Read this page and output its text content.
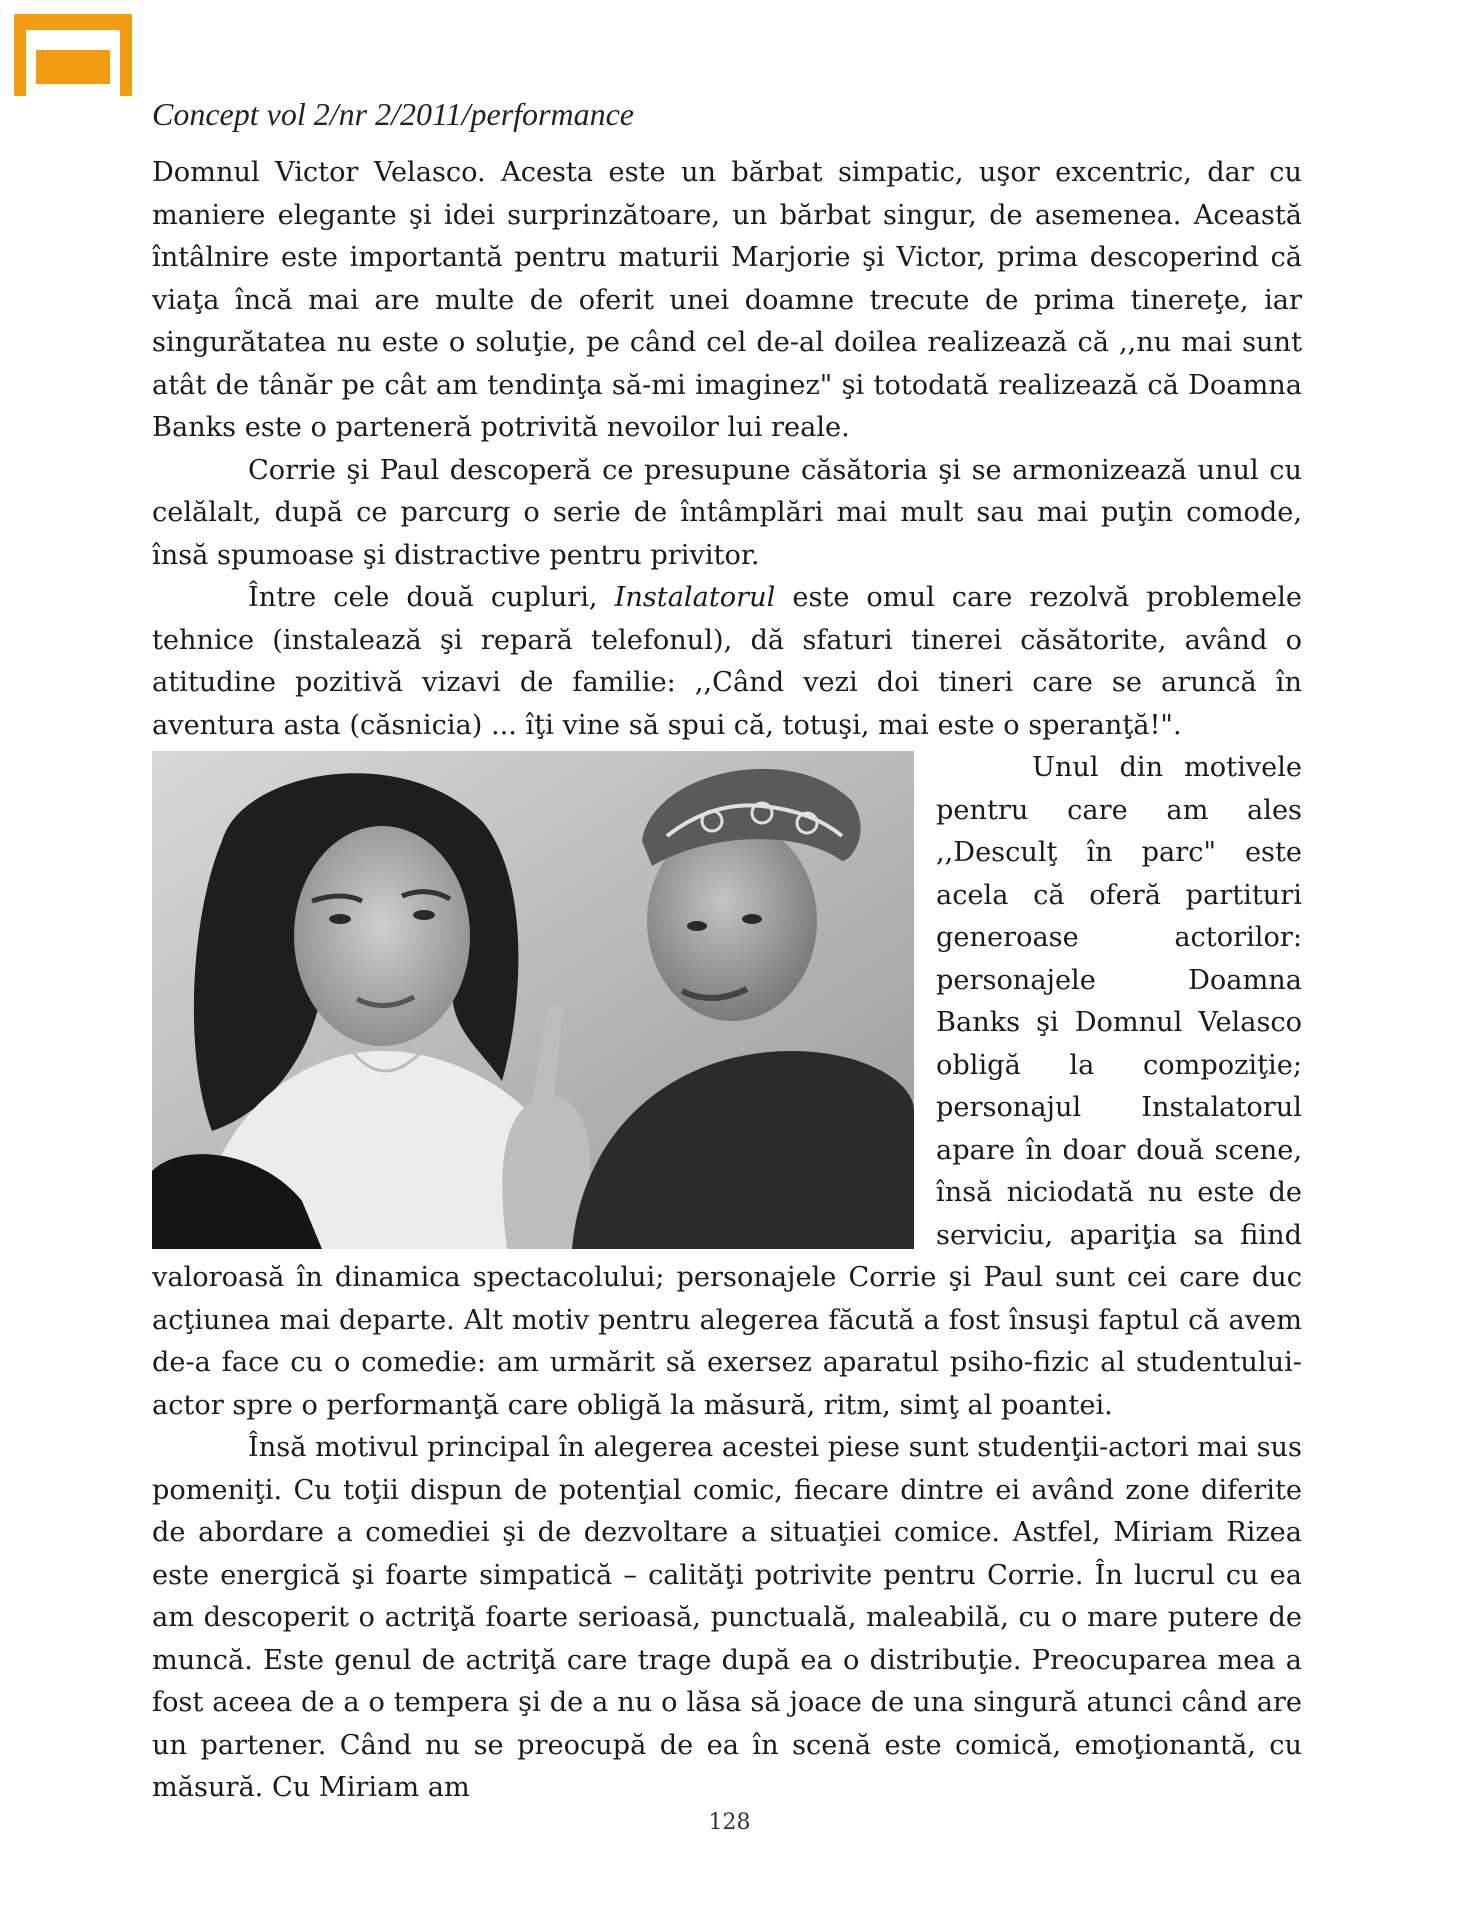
Concept vol 2/nr 2/2011/performance

Domnul Victor Velasco. Acesta este un bărbat simpatic, uşor excentric, dar cu maniere elegante şi idei surprinzătoare, un bărbat singur, de asemenea. Această întâlnire este importantă pentru maturii Marjorie şi Victor, prima descoperind că viaţa încă mai are multe de oferit unei doamne trecute de prima tinereţe, iar singurătatea nu este o soluţie, pe când cel de-al doilea realizează că ,,nu mai sunt atât de tânăr pe cât am tendinţa să-mi imaginez" şi totodată realizează că Doamna Banks este o parteneră potrivită nevoilor lui reale.

Corrie şi Paul descoperă ce presupune căsătoria şi se armonizează unul cu celălalt, după ce parcurg o serie de întâmplări mai mult sau mai puţin comode, însă spumoase şi distractive pentru privitor.

Între cele două cupluri, Instalatorul este omul care rezolvă problemele tehnice (instalează şi repară telefonul), dă sfaturi tinerei căsătorite, având o atitudine pozitivă vizavi de familie: ,,Când vezi doi tineri care se aruncă în aventura asta (căsnicia) ... îţi vine să spui că, totuşi, mai este o speranţă!".

Unul din motivele pentru care am ales ,,Desculţ în parc" este acela că oferă partituri generoase actorilor: personajele Doamna Banks şi Domnul Velasco obligă la compoziţie; personajul Instalatorul apare în doar două scene, însă niciodată nu este de serviciu, apariţia sa fiind valoroasă în dinamica spectacolului; personajele Corrie şi Paul sunt cei care duc acţiunea mai departe. Alt motiv pentru alegerea făcută a fost însuşi faptul că avem de-a face cu o comedie: am urmărit să exersez aparatul psiho-fizic al studentului-actor spre o performanţă care obligă la măsură, ritm, simţ al poantei.

Însă motivul principal în alegerea acestei piese sunt studenţii-actori mai sus pomeniţi. Cu toţii dispun de potenţial comic, fiecare dintre ei având zone diferite de abordare a comediei şi de dezvoltare a situaţiei comice. Astfel, Miriam Rizea este energică şi foarte simpatică – calităţi potrivite pentru Corrie. În lucrul cu ea am descoperit o actriţă foarte serioasă, punctuală, maleabilă, cu o mare putere de muncă. Este genul de actriţă care trage după ea o distribuţie. Preocuparea mea a fost aceea de a o tempera şi de a nu o lăsa să joace de una singură atunci când are un partener. Când nu se preocupă de ea în scenă este comică, emoţionantă, cu măsură. Cu Miriam am

128
